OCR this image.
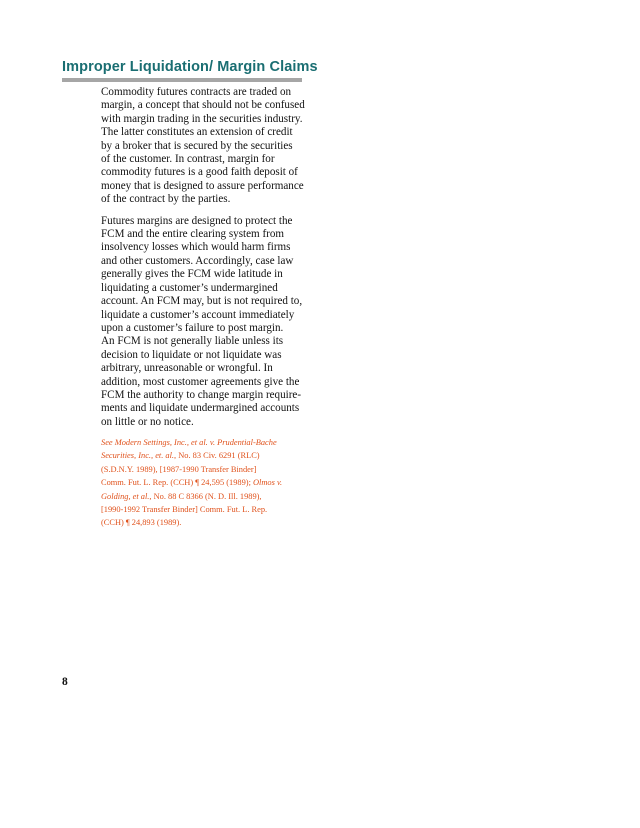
Improper Liquidation/ Margin Claims
Commodity futures contracts are traded on
margin, a concept that should not be confused
with margin trading in the securities industry.
The latter constitutes an extension of credit
by a broker that is secured by the securities
of the customer. In contrast, margin for
commodity futures is a good faith deposit of
money that is designed to assure performance
of the contract by the parties.
Futures margins are designed to protect the
FCM and the entire clearing system from
insolvency losses which would harm firms
and other customers. Accordingly, case law
generally gives the FCM wide latitude in
liquidating a customer’s undermargined
account. An FCM may, but is not required to,
liquidate a customer’s account immediately
upon a customer’s failure to post margin.
An FCM is not generally liable unless its
decision to liquidate or not liquidate was
arbitrary, unreasonable or wrongful. In
addition, most customer agreements give the
FCM the authority to change margin require-
ments and liquidate undermargined accounts
on little or no notice.
See Modern Settings, Inc., et al. v. Prudential-Bache
Securities, Inc., et. al., No. 83 Civ. 6291 (RLC)
(S.D.N.Y. 1989), [1987-1990 Transfer Binder]
Comm. Fut. L. Rep. (CCH) ¶ 24,595 (1989); Olmos v.
Golding, et al., No. 88 C 8366 (N. D. Ill. 1989),
[1990-1992 Transfer Binder] Comm. Fut. L. Rep.
(CCH) ¶ 24,893 (1989).
8
